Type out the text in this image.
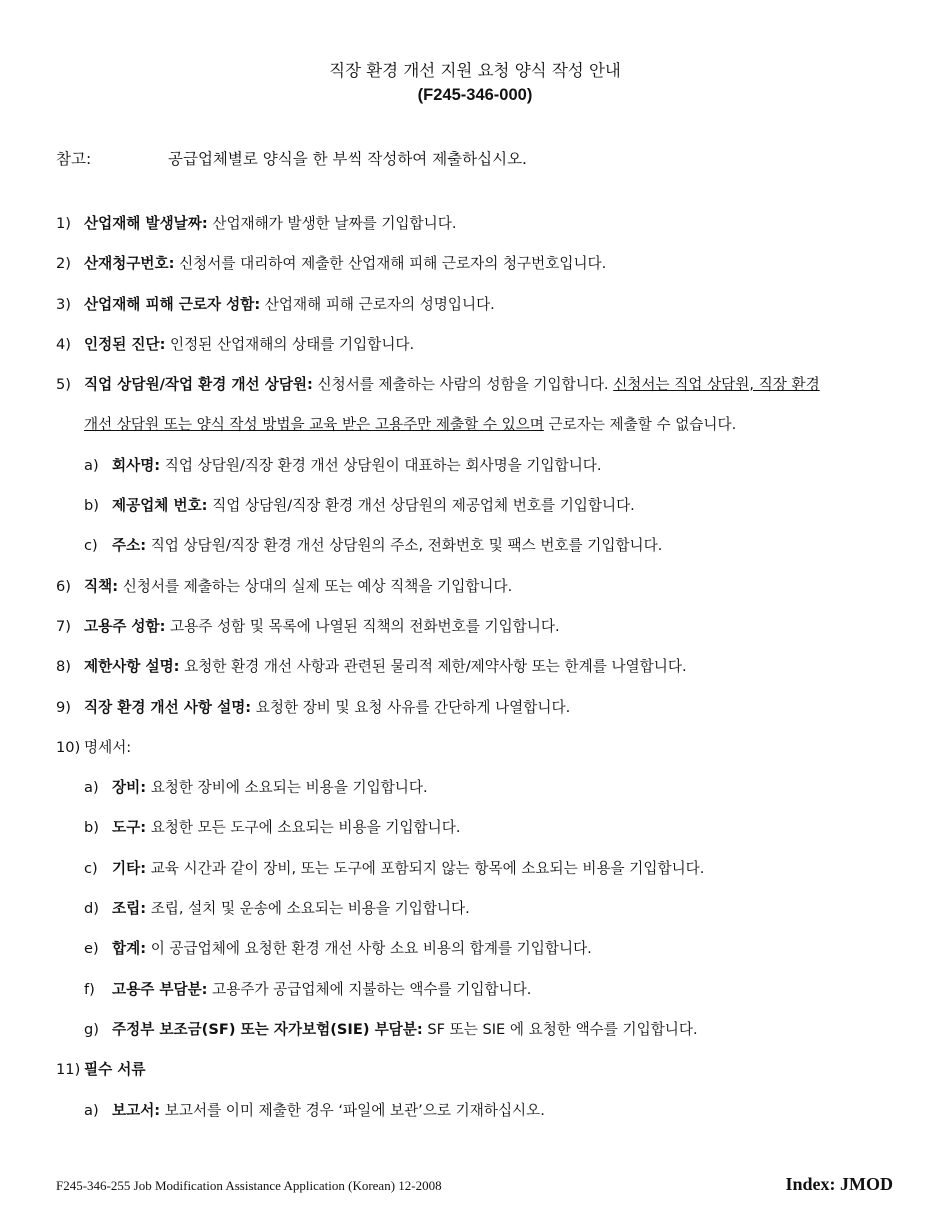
직장 환경 개선 지원 요청 양식 작성 안내
(F245-346-000)
참고:	공급업체별로 양식을 한 부씩 작성하여 제출하십시오.
1) 산업재해 발생날짜: 산업재해가 발생한 날짜를 기입합니다.
2) 산재청구번호: 신청서를 대리하여 제출한 산업재해 피해 근로자의 청구번호입니다.
3) 산업재해 피해 근로자 성함: 산업재해 피해 근로자의 성명입니다.
4) 인정된 진단: 인정된 산업재해의 상태를 기입합니다.
5) 직업 상담원/작업 환경 개선 상담원: 신청서를 제출하는 사람의 성함을 기입합니다. 신청서는 직업 상담원, 직장 환경
개선 상담원 또는 양식 작성 방법을 교육 받은 고용주만 제출할 수 있으며 근로자는 제출할 수 없습니다.
a) 회사명: 직업 상담원/직장 환경 개선 상담원이 대표하는 회사명을 기입합니다.
b) 제공업체 번호: 직업 상담원/직장 환경 개선 상담원의 제공업체 번호를 기입합니다.
c) 주소: 직업 상담원/직장 환경 개선 상담원의 주소, 전화번호 및 팩스 번호를 기입합니다.
6) 직책: 신청서를 제출하는 상대의 실제 또는 예상 직책을 기입합니다.
7) 고용주 성함: 고용주 성함 및 목록에 나열된 직책의 전화번호를 기입합니다.
8) 제한사항 설명: 요청한 환경 개선 사항과 관련된 물리적 제한/제약사항 또는 한계를 나열합니다.
9) 직장 환경 개선 사항 설명: 요청한 장비 및 요청 사유를 간단하게 나열합니다.
10) 명세서:
a) 장비: 요청한 장비에 소요되는 비용을 기입합니다.
b) 도구: 요청한 모든 도구에 소요되는 비용을 기입합니다.
c) 기타: 교육 시간과 같이 장비, 또는 도구에 포함되지 않는 항목에 소요되는 비용을 기입합니다.
d) 조립: 조립, 설치 및 운송에 소요되는 비용을 기입합니다.
e) 합계: 이 공급업체에 요청한 환경 개선 사항 소요 비용의 합계를 기입합니다.
f) 고용주 부담분: 고용주가 공급업체에 지불하는 액수를 기입합니다.
g) 주정부 보조금(SF) 또는 자가보험(SIE) 부담분: SF 또는 SIE 에 요청한 액수를 기입합니다.
11) 필수 서류
a) 보고서: 보고서를 이미 제출한 경우 ‘파일에 보관’으로 기재하십시오.
F245-346-255 Job Modification Assistance Application (Korean) 12-2008	Index: JMOD
